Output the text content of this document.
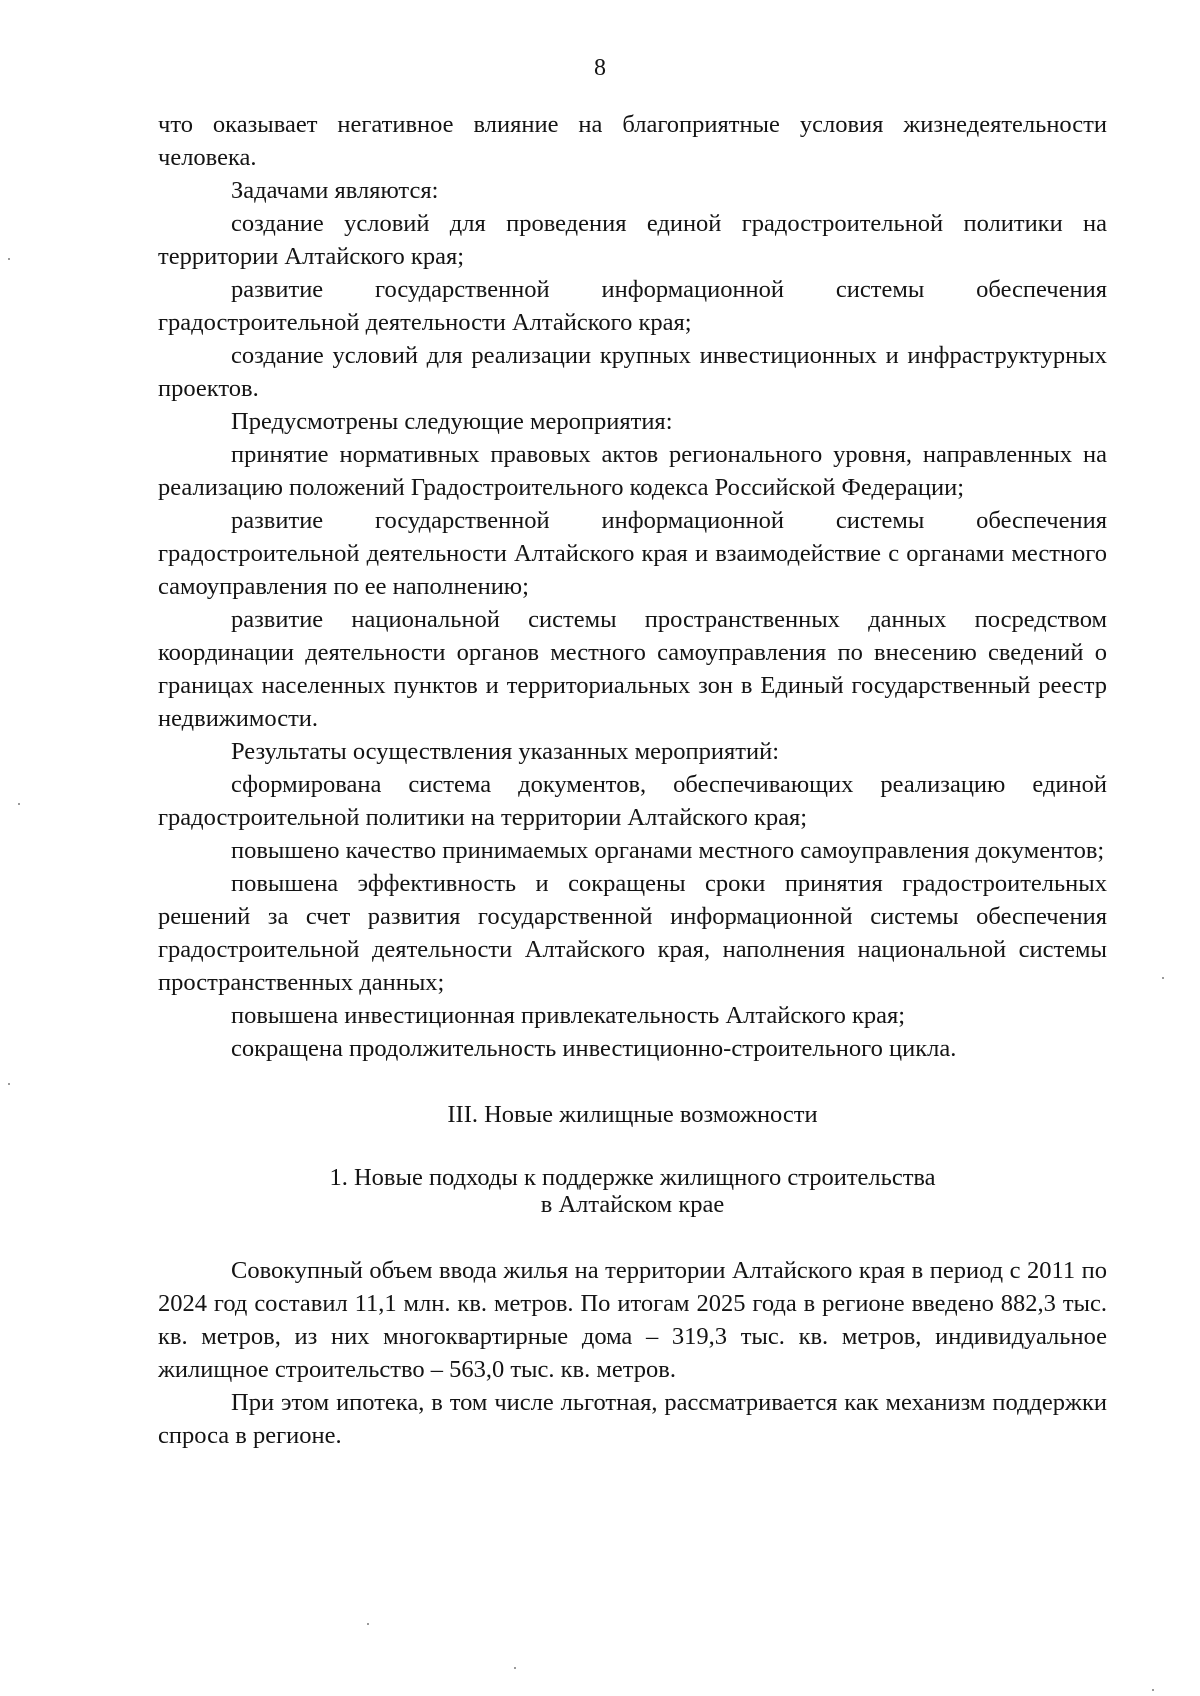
8

что оказывает негативное влияние на благоприятные условия жизнедеятельности человека.

Задачами являются:

создание условий для проведения единой градостроительной политики на территории Алтайского края;

развитие государственной информационной системы обеспечения градостроительной деятельности Алтайского края;

создание условий для реализации крупных инвестиционных и инфраструктурных проектов.

Предусмотрены следующие мероприятия:

принятие нормативных правовых актов регионального уровня, направленных на реализацию положений Градостроительного кодекса Российской Федерации;

развитие государственной информационной системы обеспечения градостроительной деятельности Алтайского края и взаимодействие с органами местного самоуправления по ее наполнению;

развитие национальной системы пространственных данных посредством координации деятельности органов местного самоуправления по внесению сведений о границах населенных пунктов и территориальных зон в Единый государственный реестр недвижимости.

Результаты осуществления указанных мероприятий:

сформирована система документов, обеспечивающих реализацию единой градостроительной политики на территории Алтайского края;

повышено качество принимаемых органами местного самоуправления документов;

повышена эффективность и сокращены сроки принятия градостроительных решений за счет развития государственной информационной системы обеспечения градостроительной деятельности Алтайского края, наполнения национальной системы пространственных данных;

повышена инвестиционная привлекательность Алтайского края;

сокращена продолжительность инвестиционно-строительного цикла.

III. Новые жилищные возможности

1. Новые подходы к поддержке жилищного строительства

в Алтайском крае

Совокупный объем ввода жилья на территории Алтайского края в период с 2011 по 2024 год составил 11,1 млн. кв. метров. По итогам 2025 года в регионе введено 882,3 тыс. кв. метров, из них многоквартирные дома – 319,3 тыс. кв. метров, индивидуальное жилищное строительство – 563,0 тыс. кв. метров.

При этом ипотека, в том числе льготная, рассматривается как механизм поддержки спроса в регионе.
